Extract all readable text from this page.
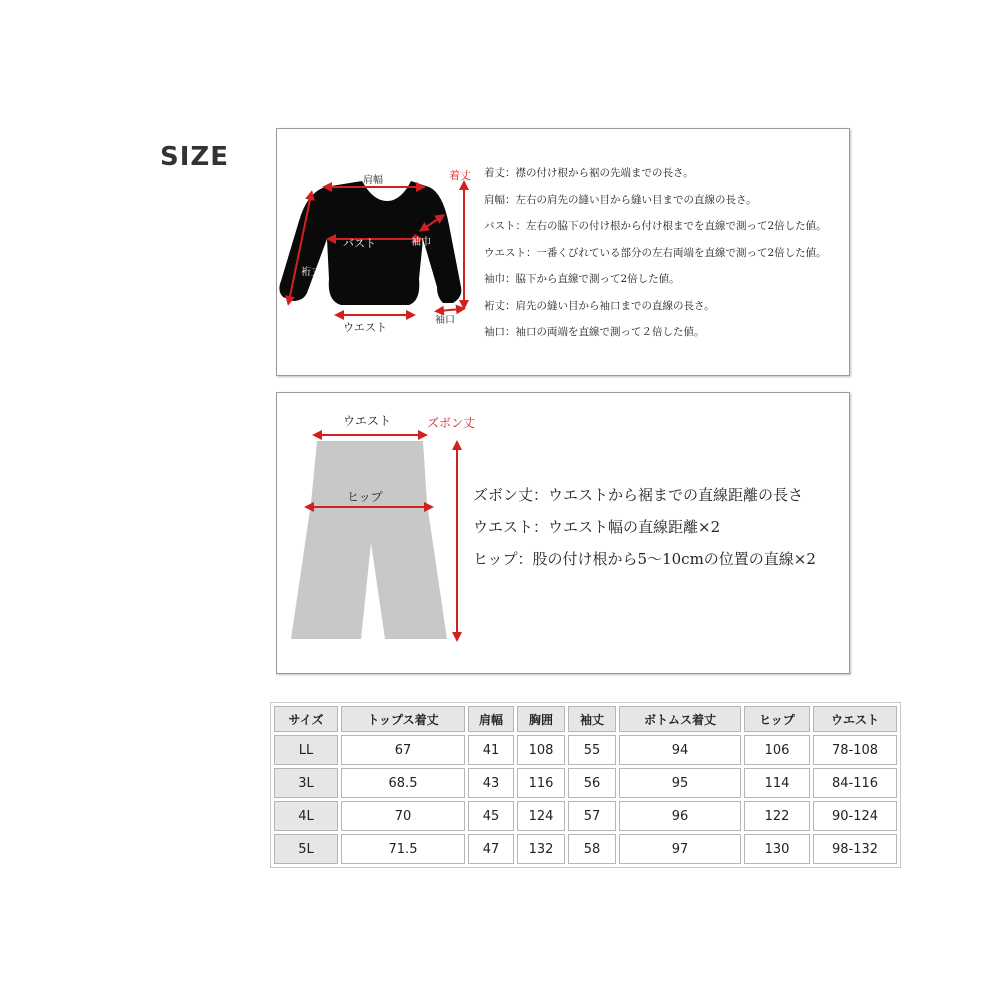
SIZE
肩幅
バスト	袖巾
ウエスト
裄丈
袖口
着丈 着丈：襟の付け根から裾の先端までの長さ。
肩幅：左右の肩先の縫い目から縫い目までの直線の長さ。
バスト：左右の脇下の付け根から付け根までを直線で測って2倍した値。
ウエスト：一番くびれている部分の左右両端を直線で測って2倍した値。
袖巾：脇下から直線で測って2倍した値。
裄丈：肩先の縫い目から袖口までの直線の長さ。
袖口：袖口の両端を直線で測って２倍した値。
ウエスト	ズボン丈
ヒップ	ズボン丈：ウエストから裾までの直線距離の長さ
ウエスト：ウエスト幅の直線距離×2
ヒップ：股の付け根から5〜10cmの位置の直線×2
サイズ	トップス着丈	肩幅	胸囲	袖丈	ボトムス着丈	ヒップ	ウエスト
LL	67	41	108	55	94	106	78-108
3L	68.5	43	116	56	95	114	84-116
4L	70	45	124	57	96	122	90-124
5L	71.5	47	132	58	97	130	98-132
